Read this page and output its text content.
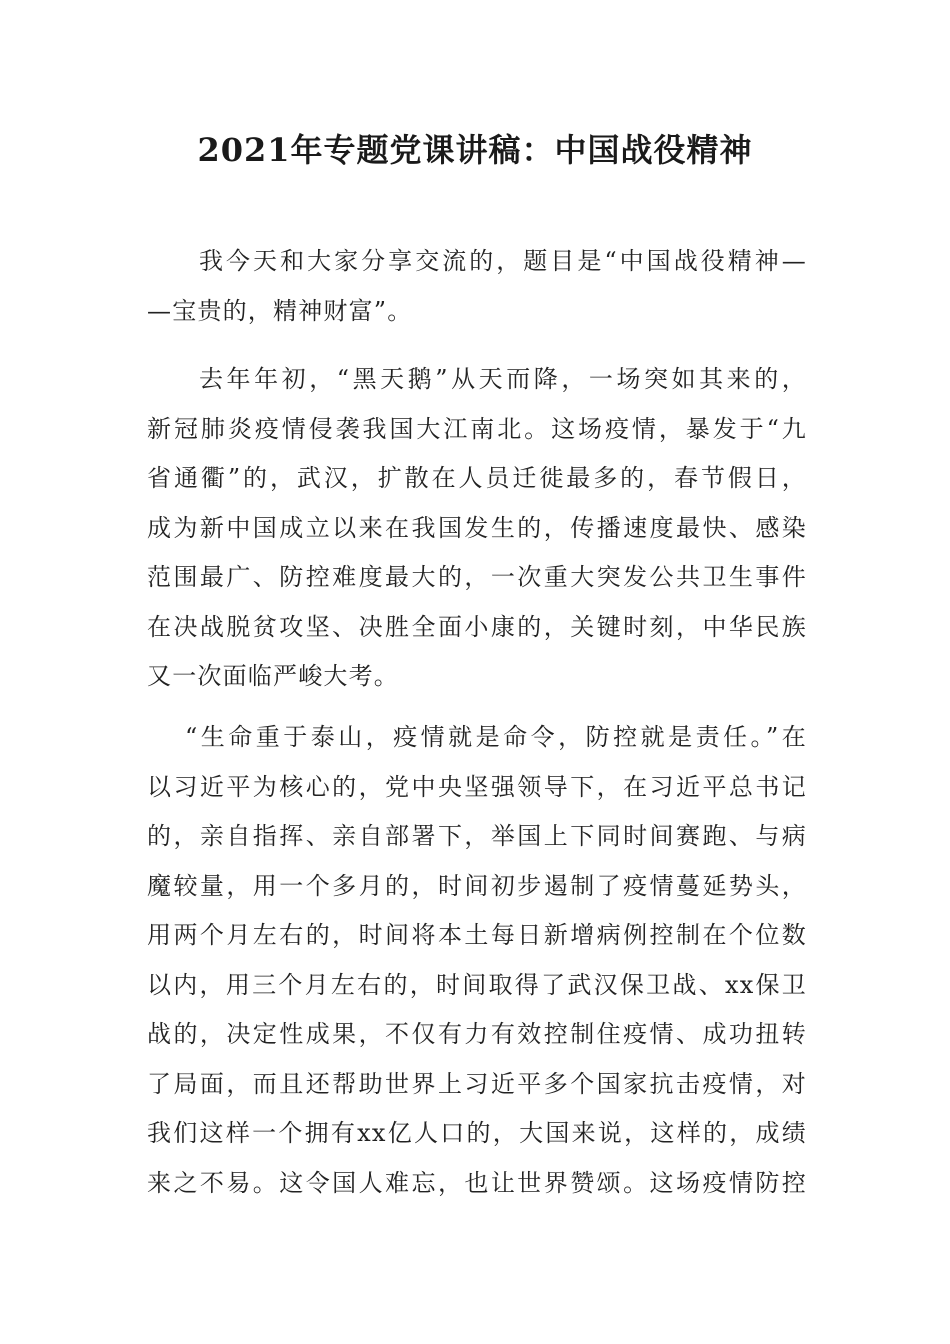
2021年专题党课讲稿：中国战役精神
我今天和大家分享交流的，题目是“中国战役精神—
—宝贵的，精神财富”。
去年年初，“黑天鹅”从天而降，一场突如其来的，
新冠肺炎疫情侵袭我国大江南北。这场疫情，暴发于“九
省通衢”的，武汉，扩散在人员迁徙最多的，春节假日，
成为新中国成立以来在我国发生的，传播速度最快、感染
范围最广、防控难度最大的，一次重大突发公共卫生事件
在决战脱贫攻坚、决胜全面小康的，关键时刻，中华民族
又一次面临严峻大考。
“生命重于泰山，疫情就是命令，防控就是责任。”在
以习近平为核心的，党中央坚强领导下，在习近平总书记
的，亲自指挥、亲自部署下，举国上下同时间赛跑、与病
魔较量，用一个多月的，时间初步遏制了疫情蔓延势头，
用两个月左右的，时间将本土每日新增病例控制在个位数
以内，用三个月左右的，时间取得了武汉保卫战、xx保卫
战的，决定性成果，不仅有力有效控制住疫情、成功扭转
了局面，而且还帮助世界上习近平多个国家抗击疫情，对
我们这样一个拥有xx亿人口的，大国来说，这样的，成绩
来之不易。这令国人难忘，也让世界赞颂。这场疫情防控
